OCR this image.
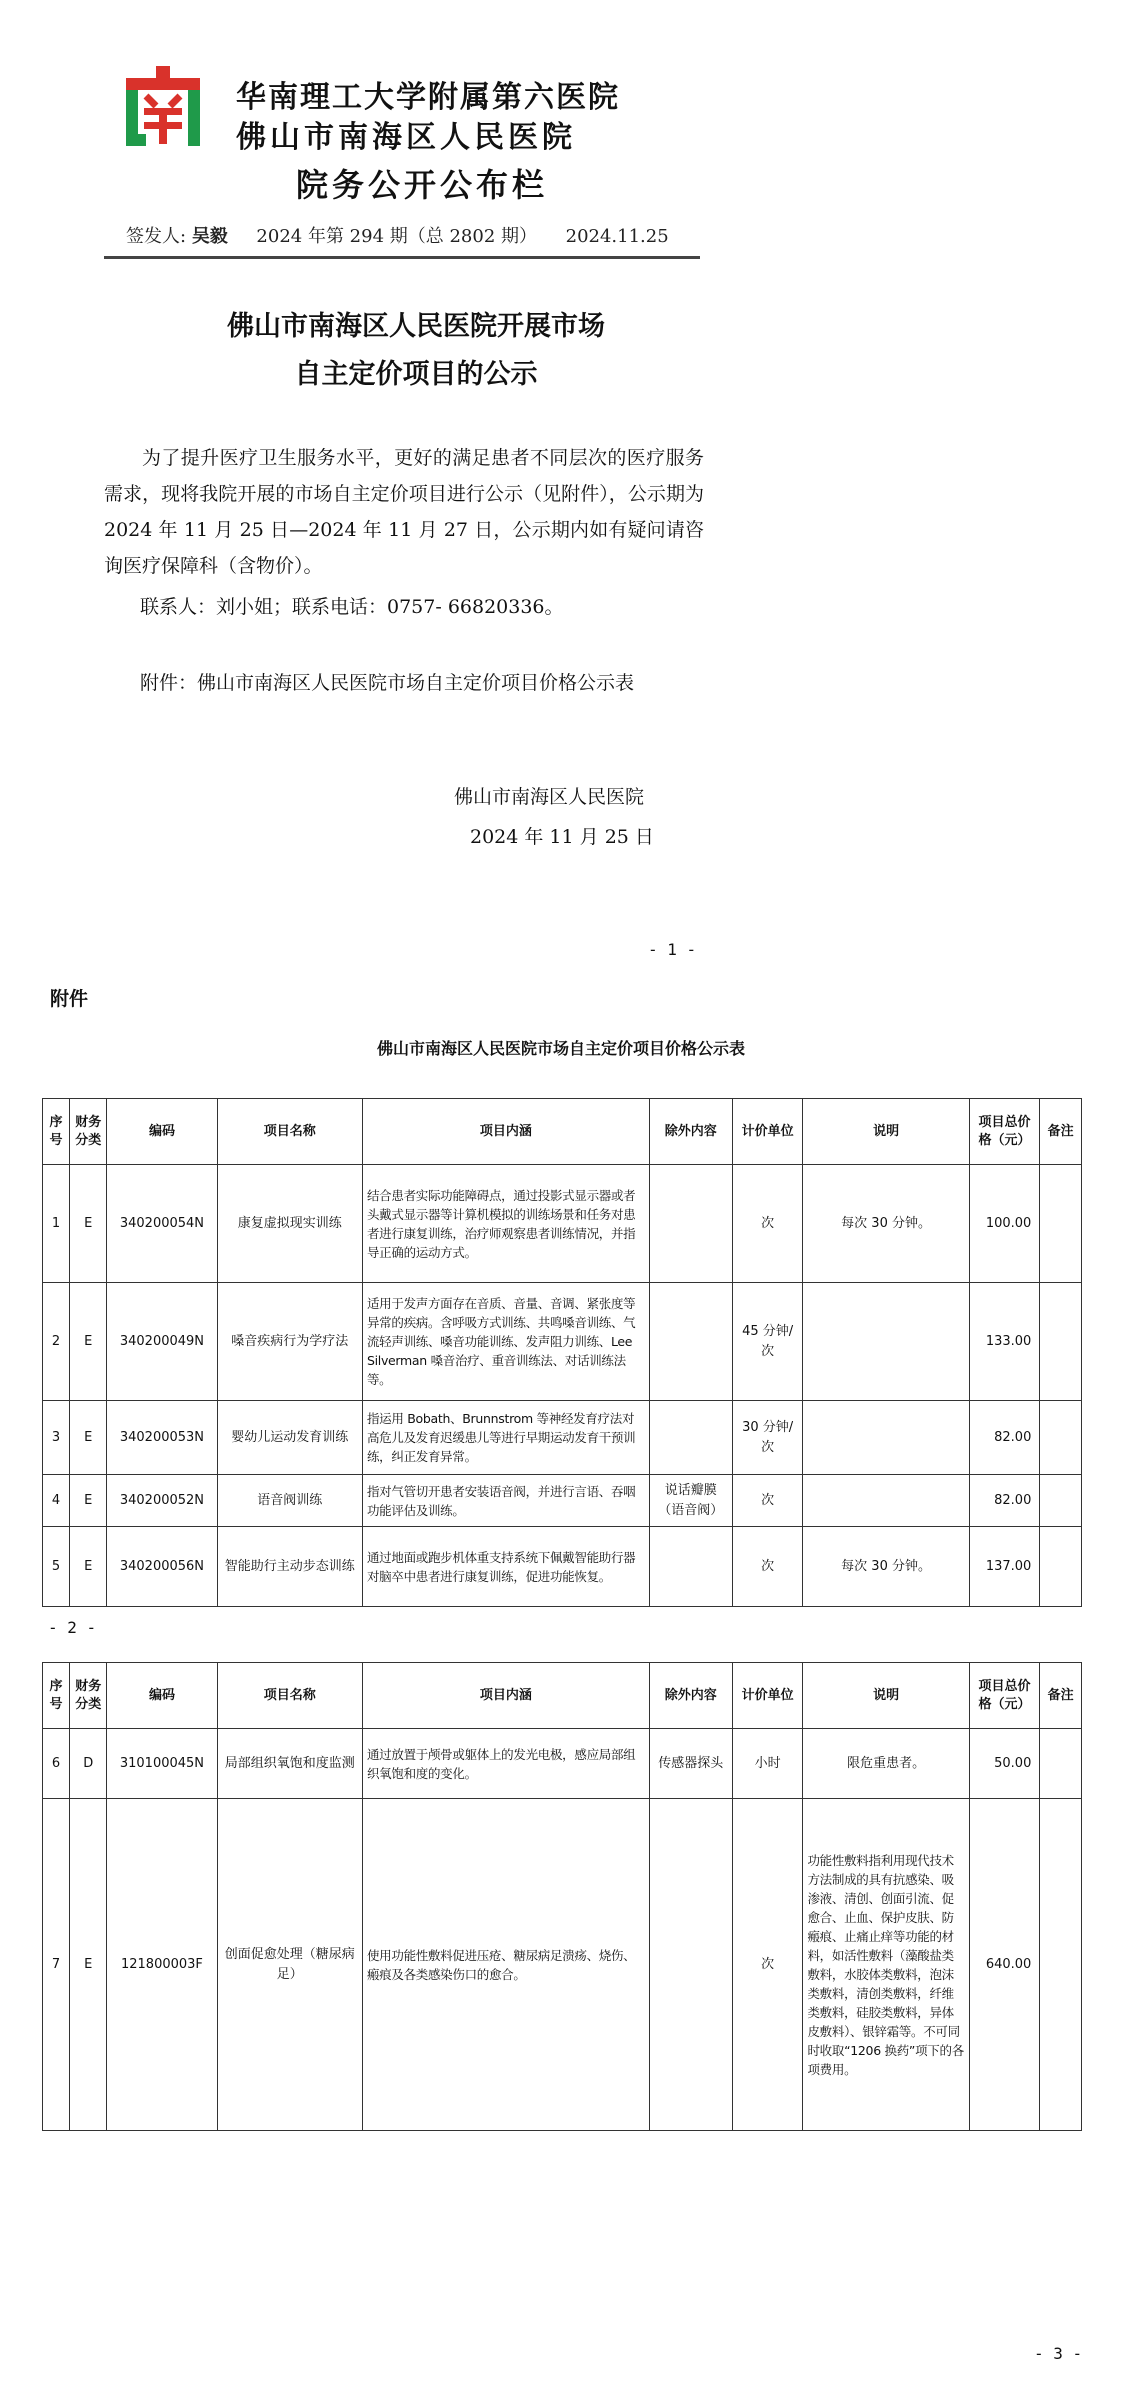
华南理工大学附属第六医院
佛山市南海区人民医院
院务公开公布栏
签发人: 吴毅 2024 年第 294 期（总 2802 期） 2024.11.25
佛山市南海区人民医院开展市场
自主定价项目的公示
为了提升医疗卫生服务水平，更好的满足患者不同层次的医疗服务需求，现将我院开展的市场自主定价项目进行公示（见附件），公示期为 2024 年 11 月 25 日—2024 年 11 月 27 日，公示期内如有疑问请咨询医疗保障科（含物价）。
联系人：刘小姐；联系电话：0757- 66820336。
附件：佛山市南海区人民医院市场自主定价项目价格公示表
佛山市南海区人民医院
2024 年 11 月 25 日
- 1 -
附件
佛山市南海区人民医院市场自主定价项目价格公示表
序号	财务分类	编码	项目名称	项目内涵	除外内容	计价单位	说明	项目总价格（元）	备注
1	E	340200054N	康复虚拟现实训练	结合患者实际功能障碍点，通过投影式显示器或者头戴式显示器等计算机模拟的训练场景和任务对患者进行康复训练，治疗师观察患者训练情况，并指导正确的运动方式。		次	每次 30 分钟。	100.00	
2	E	340200049N	嗓音疾病行为学疗法	适用于发声方面存在音质、音量、音调、紧张度等异常的疾病。含呼吸方式训练、共鸣嗓音训练、气流轻声训练、嗓音功能训练、发声阻力训练、Lee Silverman 嗓音治疗、重音训练法、对话训练法等。		45 分钟/次		133.00	
3	E	340200053N	婴幼儿运动发育训练	指运用 Bobath、Brunnstrom 等神经发育疗法对高危儿及发育迟缓患儿等进行早期运动发育干预训练，纠正发育异常。		30 分钟/次		82.00	
4	E	340200052N	语音阀训练	指对气管切开患者安装语音阀，并进行言语、吞咽功能评估及训练。	说话瓣膜（语音阀）	次		82.00	
5	E	340200056N	智能助行主动步态训练	通过地面或跑步机体重支持系统下佩戴智能助行器对脑卒中患者进行康复训练，促进功能恢复。		次	每次 30 分钟。	137.00	
- 2 -
序号	财务分类	编码	项目名称	项目内涵	除外内容	计价单位	说明	项目总价格（元）	备注
6	D	310100045N	局部组织氧饱和度监测	通过放置于颅骨或躯体上的发光电极，感应局部组织氧饱和度的变化。	传感器探头	小时	限危重患者。	50.00	
7	E	121800003F	创面促愈处理（糖尿病足）	使用功能性敷料促进压疮、糖尿病足溃疡、烧伤、瘢痕及各类感染伤口的愈合。		次	功能性敷料指利用现代技术方法制成的具有抗感染、吸渗液、清创、创面引流、促愈合、止血、保护皮肤、防瘢痕、止痛止痒等功能的材料，如活性敷料（藻酸盐类敷料，水胶体类敷料，泡沫类敷料，清创类敷料，纤维类敷料，硅胶类敷料，异体皮敷料）、银锌霜等。不可同时收取“1206 换药”项下的各项费用。	640.00	
- 3 -
